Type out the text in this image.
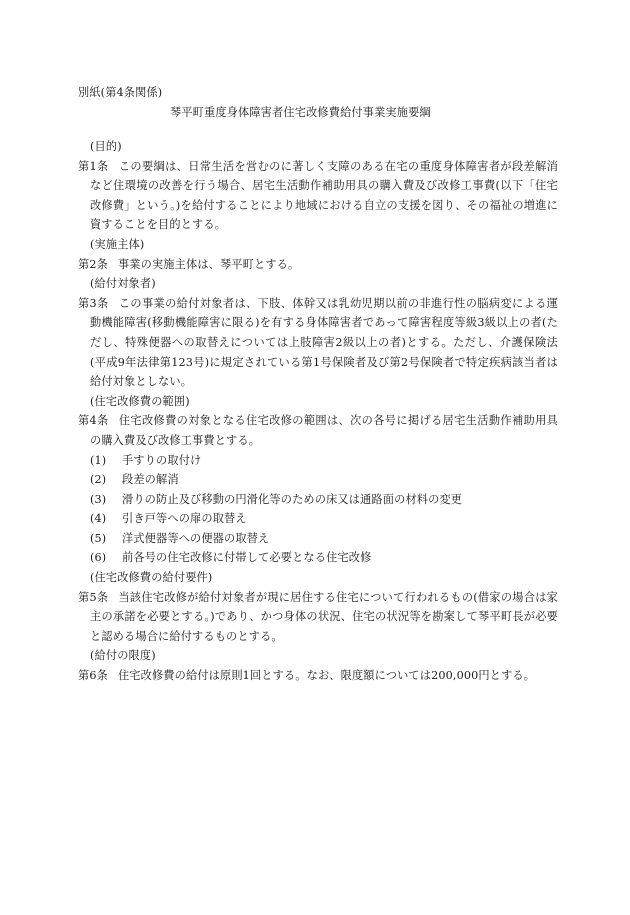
別紙(第4条関係)

琴平町重度身体障害者住宅改修費給付事業実施要綱

(目的)

第1条 この要綱は、日常生活を営むのに著しく支障のある在宅の重度身体障害者が段差解消など住環境の改善を行う場合、居宅生活動作補助用具の購入費及び改修工事費(以下「住宅改修費」という。)を給付することにより地域における自立の支援を図り、その福祉の増進に資することを目的とする。

(実施主体)

第2条 事業の実施主体は、琴平町とする。

(給付対象者)

第3条 この事業の給付対象者は、下肢、体幹又は乳幼児期以前の非進行性の脳病変による運動機能障害(移動機能障害に限る)を有する身体障害者であって障害程度等級3級以上の者(ただし、特殊便器への取替えについては上肢障害2級以上の者)とする。ただし、介護保険法(平成9年法律第123号)に規定されている第1号保険者及び第2号保険者で特定疾病該当者は給付対象としない。

(住宅改修費の範囲)

第4条 住宅改修費の対象となる住宅改修の範囲は、次の各号に掲げる居宅生活動作補助用具の購入費及び改修工事費とする。

(1)	手すりの取付け
(2)	段差の解消
(3)	滑りの防止及び移動の円滑化等のための床又は通路面の材料の変更
(4)	引き戸等への扉の取替え
(5)	洋式便器等への便器の取替え
(6)	前各号の住宅改修に付帯して必要となる住宅改修

(住宅改修費の給付要件)

第5条 当該住宅改修が給付対象者が現に居住する住宅について行われるもの(借家の場合は家主の承諾を必要とする。)であり、かつ身体の状況、住宅の状況等を勘案して琴平町長が必要と認める場合に給付するものとする。

(給付の限度)

第6条 住宅改修費の給付は原則1回とする。なお、限度額については200,000円とする。
